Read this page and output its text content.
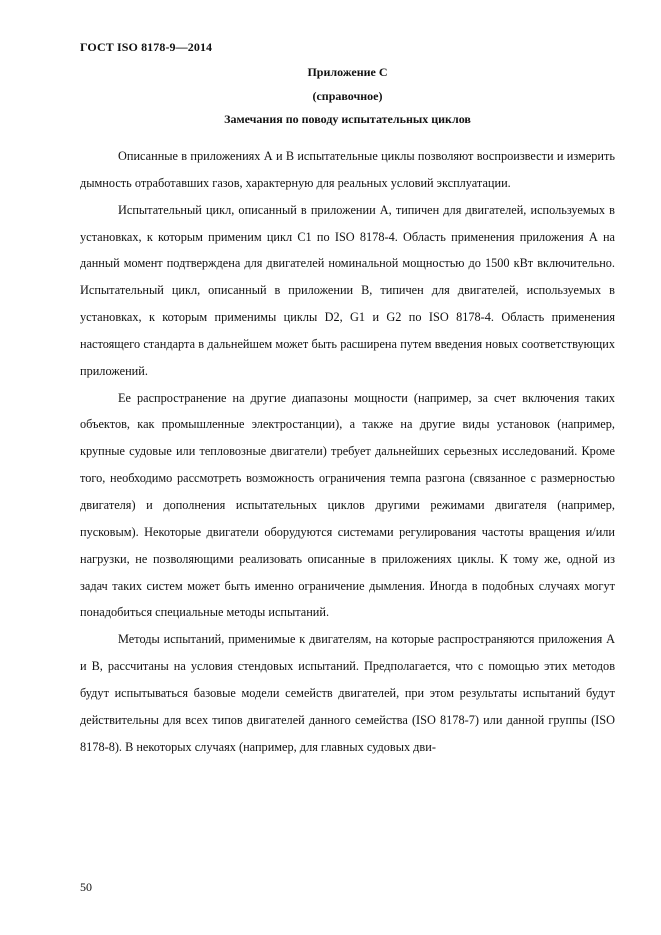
ГОСТ ISO 8178-9—2014
Приложение С
(справочное)
Замечания по поводу испытательных циклов

Описанные в приложениях А и В испытательные циклы позволяют воспроизвести и измерить дымность отработавших газов, характерную для реальных условий эксплуатации.

Испытательный цикл, описанный в приложении А, типичен для двигателей, используемых в установках, к которым применим цикл С1 по ISO 8178-4. Область применения приложения А на данный момент подтверждена для двигателей номинальной мощностью до 1500 кВт включительно. Испытательный цикл, описанный в приложении В, типичен для двигателей, используемых в установках, к которым применимы циклы D2, G1 и G2 по ISO 8178-4. Область применения настоящего стандарта в дальнейшем может быть расширена путем введения новых соответствующих приложений.

Ее распространение на другие диапазоны мощности (например, за счет включения таких объектов, как промышленные электростанции), а также на другие виды установок (например, крупные судовые или тепловозные двигатели) требует дальнейших серьезных исследований. Кроме того, необходимо рассмотреть возможность ограничения темпа разгона (связанное с размерностью двигателя) и дополнения испытательных циклов другими режимами двигателя (например, пусковым). Некоторые двигатели оборудуются системами регулирования частоты вращения и/или нагрузки, не позволяющими реализовать описанные в приложениях циклы. К тому же, одной из задач таких систем может быть именно ограничение дымления. Иногда в подобных случаях могут понадобиться специальные методы испытаний.

Методы испытаний, применимые к двигателям, на которые распространяются приложения А и В, рассчитаны на условия стендовых испытаний. Предполагается, что с помощью этих методов будут испытываться базовые модели семейств двигателей, при этом результаты испытаний будут действительны для всех типов двигателей данного семейства (ISO 8178-7) или данной группы (ISO 8178-8). В некоторых случаях (например, для главных судовых дви-

50
